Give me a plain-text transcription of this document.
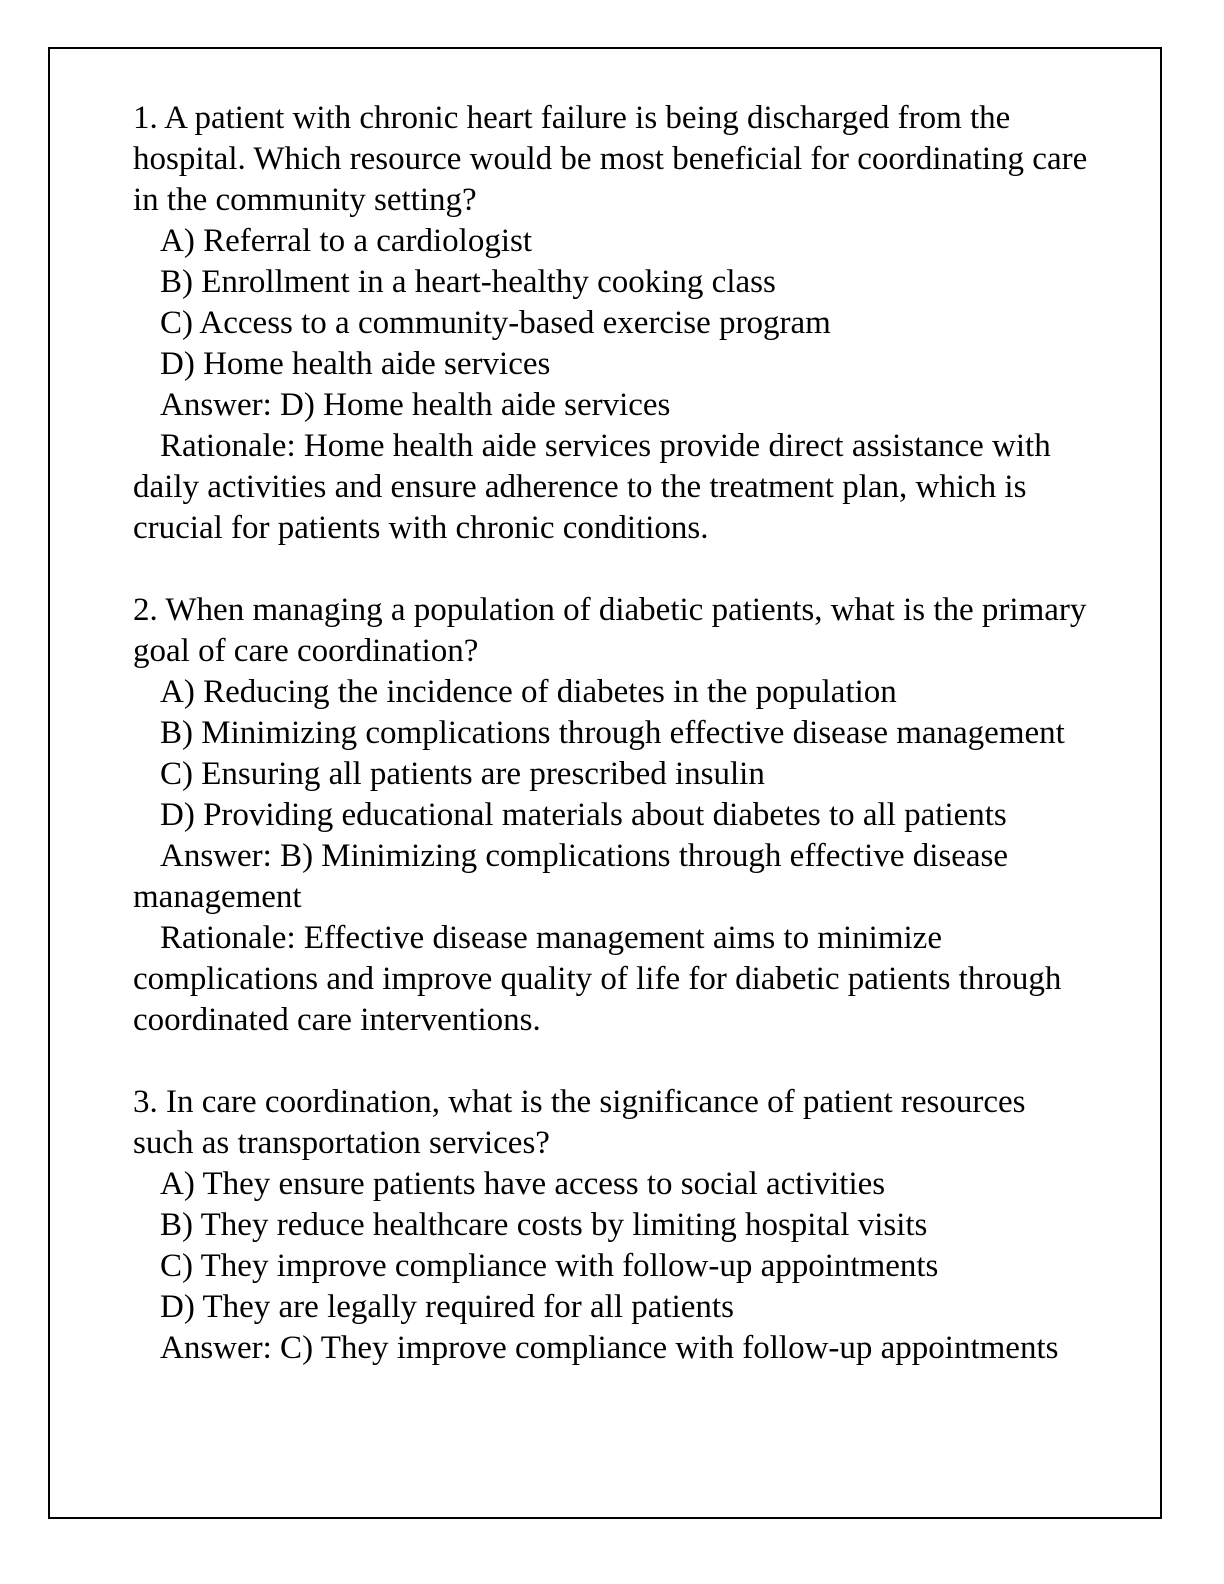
1. A patient with chronic heart failure is being discharged from the hospital. Which resource would be most beneficial for coordinating care in the community setting?
A) Referral to a cardiologist
B) Enrollment in a heart-healthy cooking class
C) Access to a community-based exercise program
D) Home health aide services
Answer: D) Home health aide services
Rationale: Home health aide services provide direct assistance with daily activities and ensure adherence to the treatment plan, which is crucial for patients with chronic conditions.
2. When managing a population of diabetic patients, what is the primary goal of care coordination?
A) Reducing the incidence of diabetes in the population
B) Minimizing complications through effective disease management
C) Ensuring all patients are prescribed insulin
D) Providing educational materials about diabetes to all patients
Answer: B) Minimizing complications through effective disease management
Rationale: Effective disease management aims to minimize complications and improve quality of life for diabetic patients through coordinated care interventions.
3. In care coordination, what is the significance of patient resources such as transportation services?
A) They ensure patients have access to social activities
B) They reduce healthcare costs by limiting hospital visits
C) They improve compliance with follow-up appointments
D) They are legally required for all patients
Answer: C) They improve compliance with follow-up appointments
